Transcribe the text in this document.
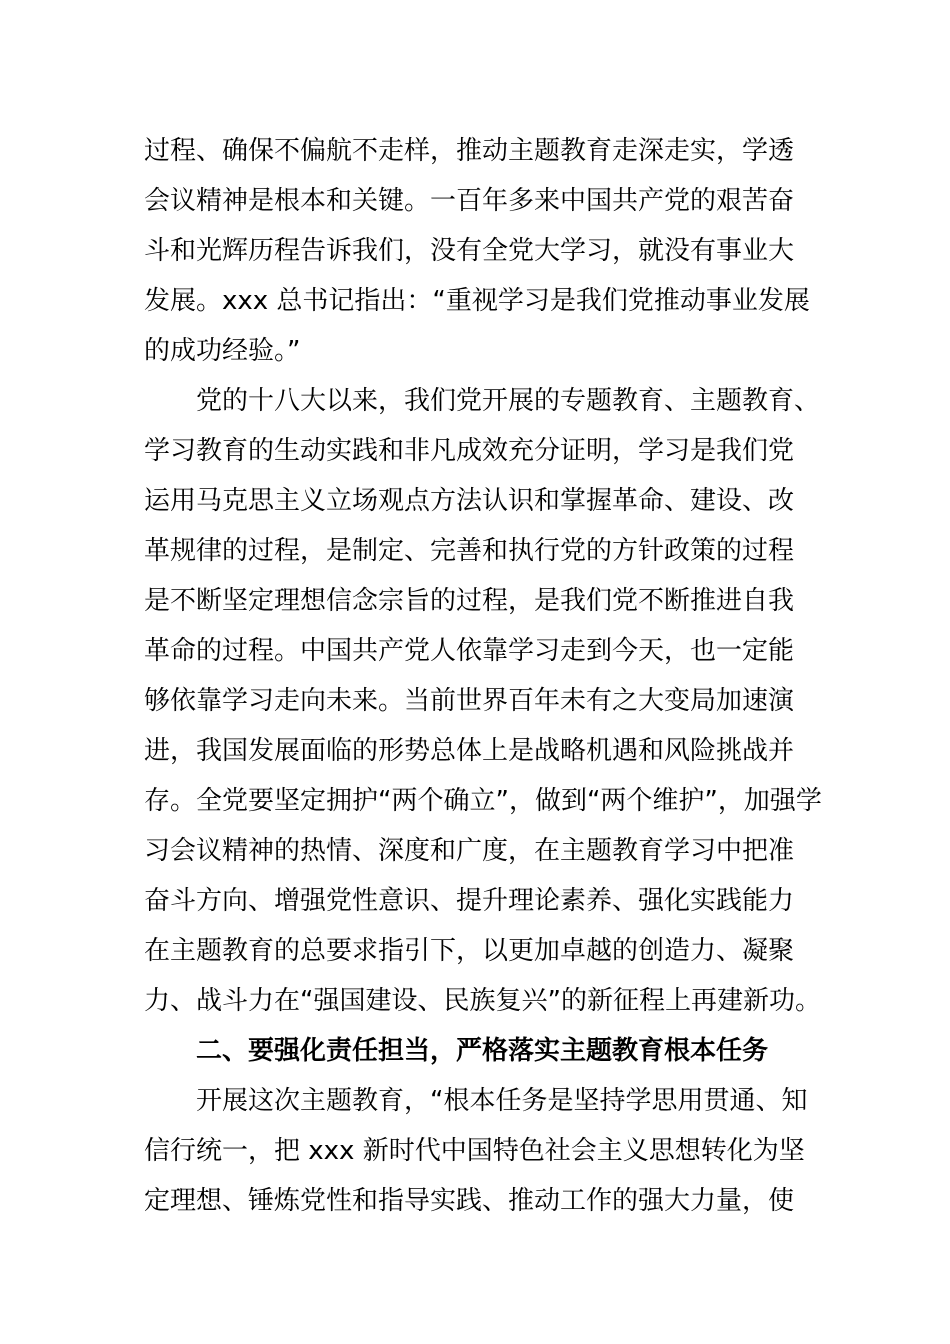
过程、确保不偏航不走样，推动主题教育走深走实，学透
会议精神是根本和关键。一百年多来中国共产党的艰苦奋
斗和光辉历程告诉我们，没有全党大学习，就没有事业大
发展。xxx 总书记指出：“重视学习是我们党推动事业发展
的成功经验。”
党的十八大以来，我们党开展的专题教育、主题教育、
学习教育的生动实践和非凡成效充分证明，学习是我们党
运用马克思主义立场观点方法认识和掌握革命、建设、改
革规律的过程，是制定、完善和执行党的方针政策的过程
是不断坚定理想信念宗旨的过程，是我们党不断推进自我
革命的过程。中国共产党人依靠学习走到今天，也一定能
够依靠学习走向未来。当前世界百年未有之大变局加速演
进，我国发展面临的形势总体上是战略机遇和风险挑战并
存。全党要坚定拥护“两个确立”，做到“两个维护”，加强学
习会议精神的热情、深度和广度，在主题教育学习中把准
奋斗方向、增强党性意识、提升理论素养、强化实践能力
在主题教育的总要求指引下，以更加卓越的创造力、凝聚
力、战斗力在“强国建设、民族复兴”的新征程上再建新功。
二、要强化责任担当，严格落实主题教育根本任务
开展这次主题教育，“根本任务是坚持学思用贯通、知
信行统一，把 xxx 新时代中国特色社会主义思想转化为坚
定理想、锤炼党性和指导实践、推动工作的强大力量，使
